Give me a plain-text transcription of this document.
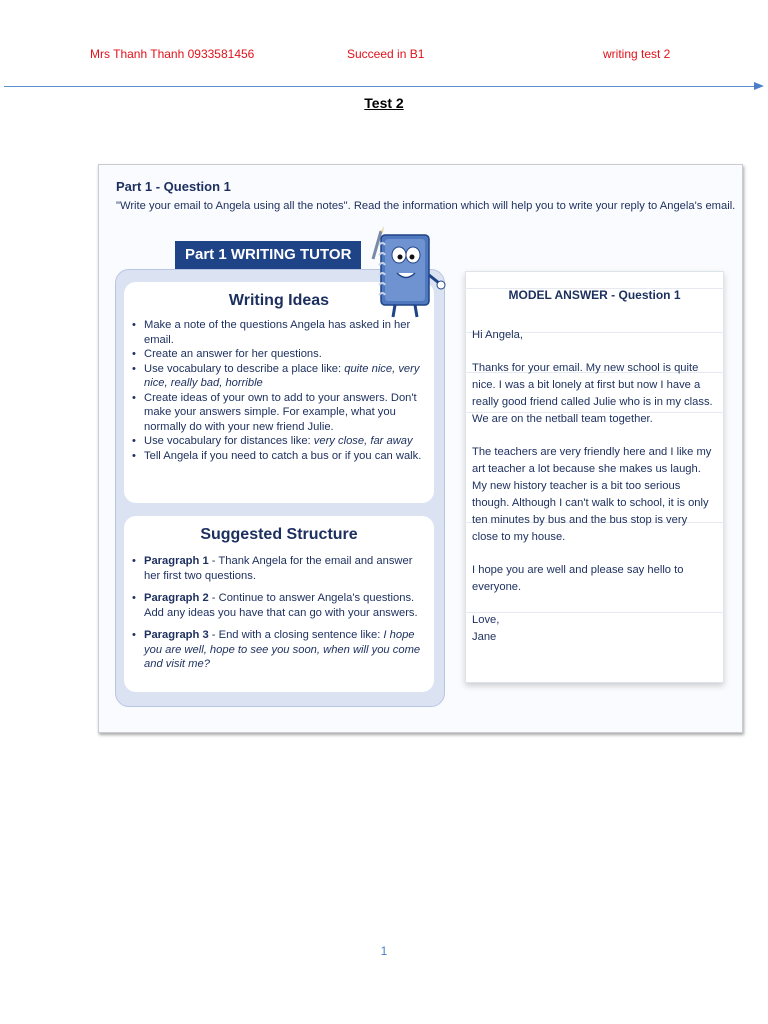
Mrs Thanh Thanh 0933581456	Succeed in B1	writing test 2
Test 2
Part 1 - Question 1
"Write your email to Angela using all the notes". Read the information which will help you to write your reply to Angela's email.
Writing Ideas
• Make a note of the questions Angela has asked in her email.
• Create an answer for her questions.
• Use vocabulary to describe a place like: quite nice, very nice, really bad, horrible
• Create ideas of your own to add to your answers. Don't make your answers simple. For example, what you normally do with your new friend Julie.
• Use vocabulary for distances like: very close, far away
• Tell Angela if you need to catch a bus or if you can walk.
Suggested Structure
• Paragraph 1 - Thank Angela for the email and answer her first two questions.
• Paragraph 2 - Continue to answer Angela's questions. Add any ideas you have that can go with your answers.
• Paragraph 3 - End with a closing sentence like: I hope you are well, hope to see you soon, when will you come and visit me?
Part 1 WRITING TUTOR
MODEL ANSWER - Question 1

Hi Angela,

Thanks for your email. My new school is quite nice. I was a bit lonely at first but now I have a really good friend called Julie who is in my class. We are on the netball team together.

The teachers are very friendly here and I like my art teacher a lot because she makes us laugh. My new history teacher is a bit too serious though. Although I can't walk to school, it is only ten minutes by bus and the bus stop is very close to my house.

I hope you are well and please say hello to everyone.

Love,

Jane

1
